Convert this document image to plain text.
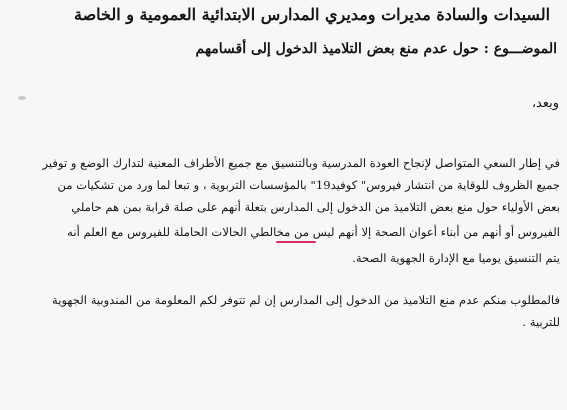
السيدات والسادة مديرات ومديري المدارس الابتدائية العمومية و الخاصة
الموضـــوع : حول عدم منع بعض التلاميذ الدخول إلى أقسامهم
وبعد،
في إطار السعي المتواصل لإنجاح العودة المدرسية وبالتنسيق مع جميع الأطراف المعنية لتدارك الوضع و توفير
جميع الظروف للوقاية من انتشار فيروس" كوفيد19" بالمؤسسات التربوية ، و تبعا لما ورد من تشكيات من
بعض الأولياء حول منع بعض التلاميذ من الدخول إلى المدارس بتعلة أنهم على صلة قرابة بمن هم حاملي
الفيروس أو أنهم من أبناء أعوان الصحة إلا أنهم ليس من مخالطي الحالات الحاملة للفيروس مع العلم أنه
يتم التنسيق يوميا مع الإدارة الجهوية الصحة.
فالمطلوب منكم عدم منع التلاميذ من الدخول إلى المدارس إن لم تتوفر لكم المعلومة من المندوبية الجهوية
للتربية .
